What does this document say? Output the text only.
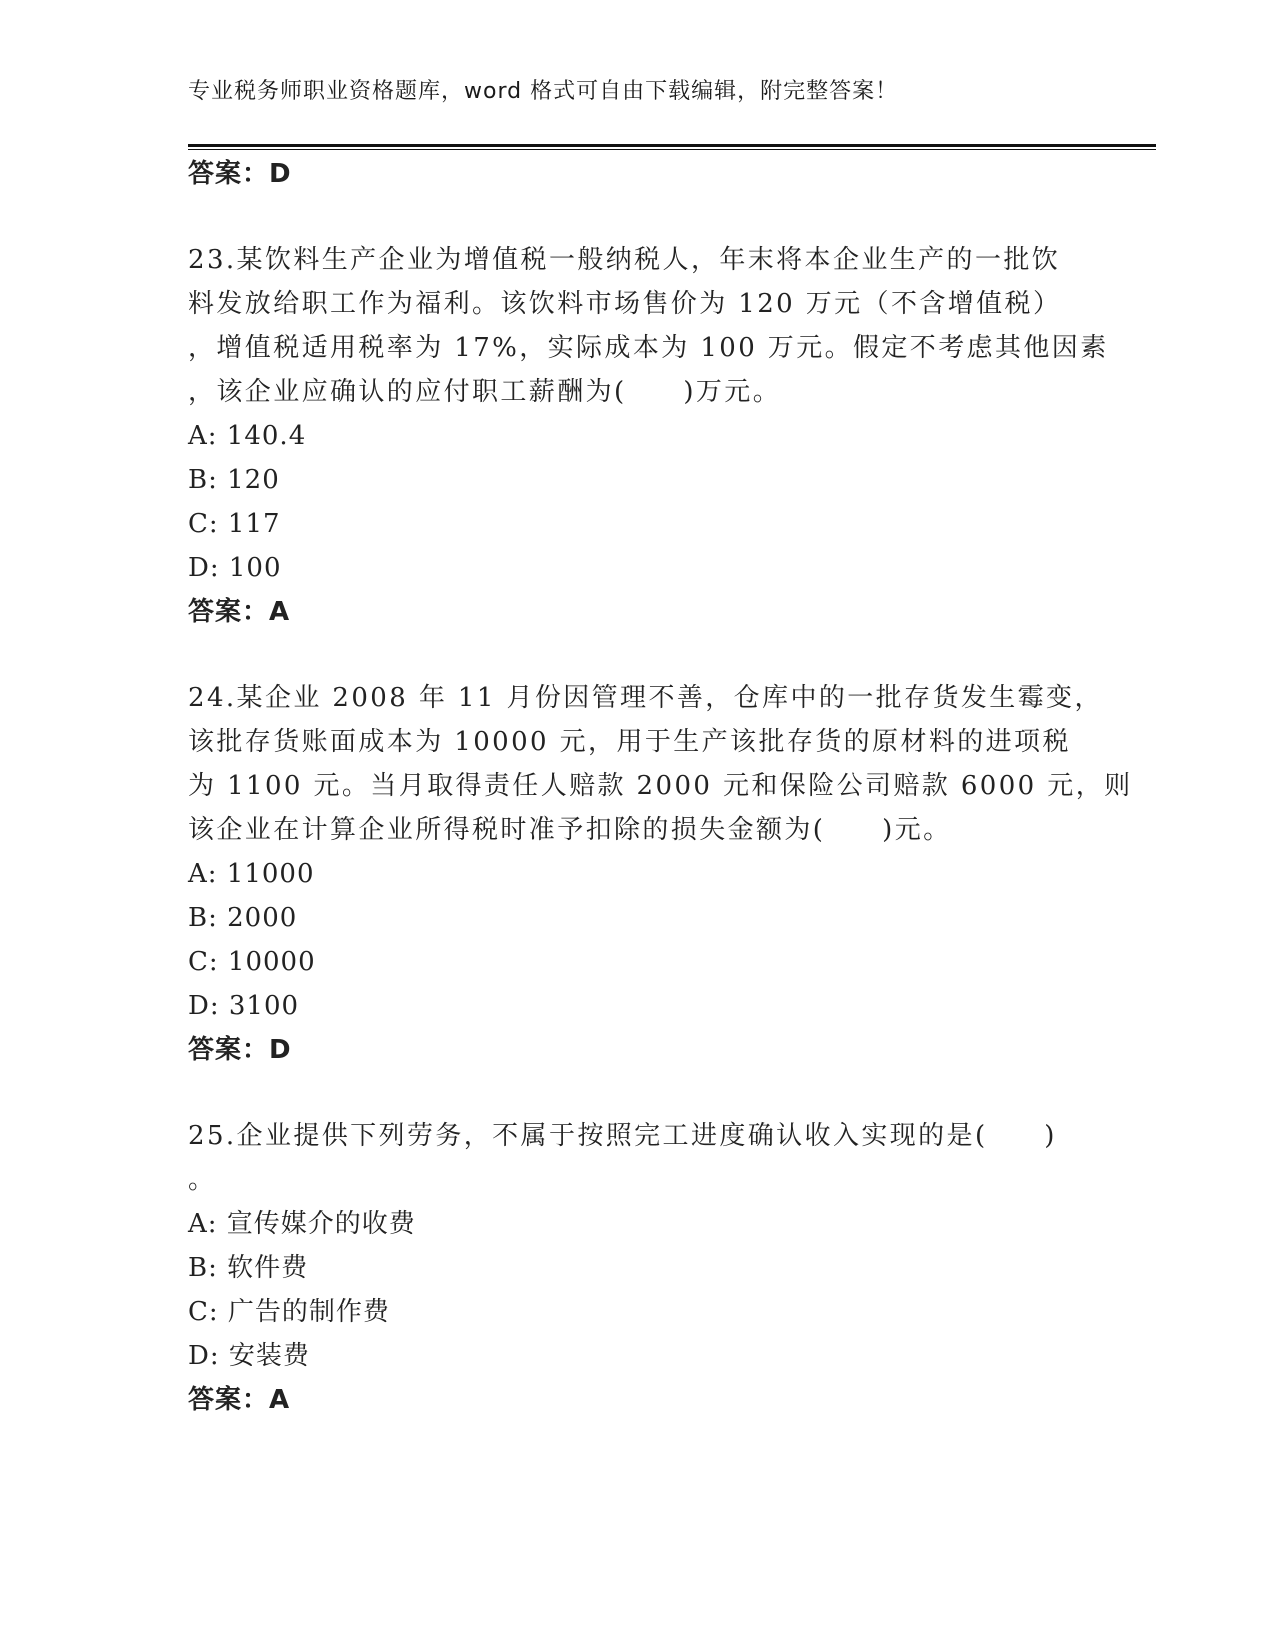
专业税务师职业资格题库，word 格式可自由下载编辑，附完整答案！
答案：D
23.某饮料生产企业为增值税一般纳税人，年末将本企业生产的一批饮
料发放给职工作为福利。该饮料市场售价为 120 万元（不含增值税）
，增值税适用税率为 17%，实际成本为 100 万元。假定不考虑其他因素
，该企业应确认的应付职工薪酬为(　　)万元。
A: 140.4
B: 120
C: 117
D: 100
答案：A
24.某企业 2008 年 11 月份因管理不善，仓库中的一批存货发生霉变，
该批存货账面成本为 10000 元，用于生产该批存货的原材料的进项税
为 1100 元。当月取得责任人赔款 2000 元和保险公司赔款 6000 元，则
该企业在计算企业所得税时准予扣除的损失金额为(　　)元。
A: 11000
B: 2000
C: 10000
D: 3100
答案：D
25.企业提供下列劳务，不属于按照完工进度确认收入实现的是(　　)
。
A: 宣传媒介的收费
B: 软件费
C: 广告的制作费
D: 安装费
答案：A
